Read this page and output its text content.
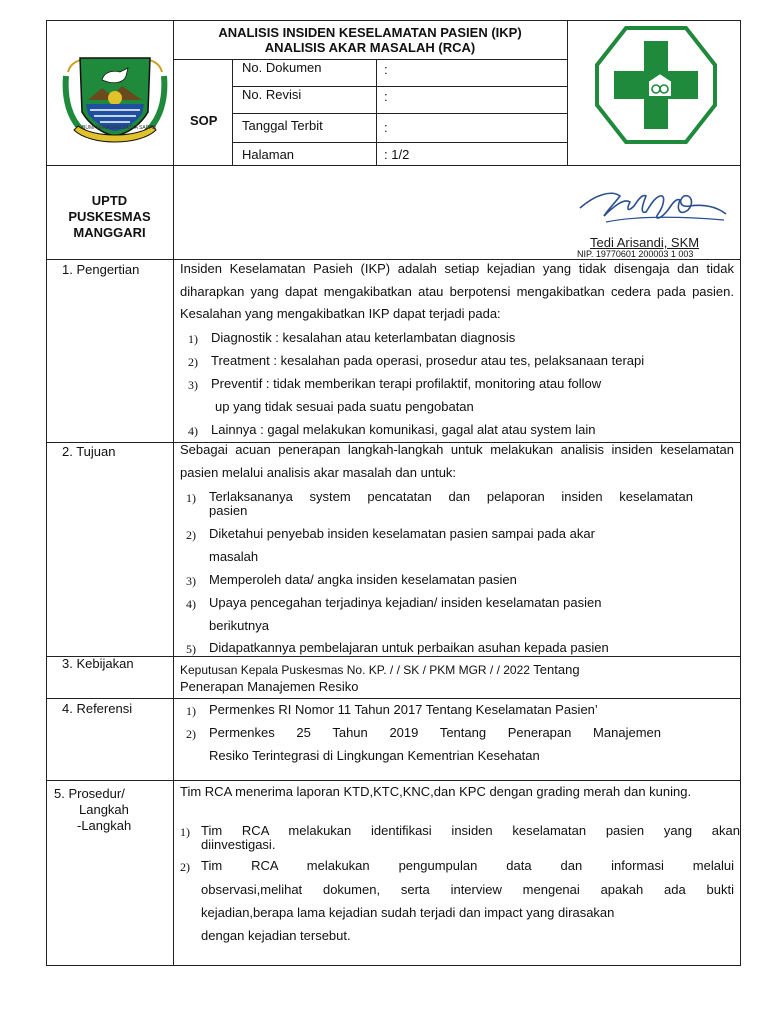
BUMI SERAGAM SATYA SADAR
ANALISIS INSIDEN KESELAMATAN PASIEN (IKP)
ANALISIS AKAR MASALAH (RCA)
SOP
No. Dokumen	:
No. Revisi	:
Tanggal Terbit	:
Halaman	: 1/2
UPTD
PUSKESMAS
MANGGARI
Tedi Arisandi, SKM
NIP. 19770601 200003 1 003
1. Pengertian	Insiden Keselamatan Pasieh (IKP) adalah setiap kejadian yang tidak disengaja dan tidak diharapkan yang dapat mengakibatkan atau berpotensi mengakibatkan cedera pada pasien. Kesalahan yang mengakibatkan IKP dapat terjadi pada:
1) Diagnostik : kesalahan atau keterlambatan diagnosis
2) Treatment : kesalahan pada operasi, prosedur atau tes, pelaksanaan terapi
3) Preventif : tidak memberikan terapi profilaktif, monitoring atau follow
up yang tidak sesuai pada suatu pengobatan
4) Lainnya : gagal melakukan komunikasi, gagal alat atau system lain
2. Tujuan	Sebagai acuan penerapan langkah-langkah untuk melakukan analisis insiden keselamatan pasien melalui analisis akar masalah dan untuk:
1) Terlaksananya system pencatatan dan pelaporan insiden keselamatan
pasien
2) Diketahui penyebab insiden keselamatan pasien sampai pada akar
masalah
3) Memperoleh data/ angka insiden keselamatan pasien
4) Upaya pencegahan terjadinya kejadian/ insiden keselamatan pasien
berikutnya
5) Didapatkannya pembelajaran untuk perbaikan asuhan kepada pasien
3. Kebijakan	Keputusan Kepala Puskesmas No. KP. / / SK / PKM MGR / / 2022 Tentang
Penerapan Manajemen Resiko
4. Referensi	1) Permenkes RI Nomor 11 Tahun 2017 Tentang Keselamatan Pasien’
2) Permenkes 25 Tahun 2019 Tentang Penerapan Manajemen
Resiko Terintegrasi di Lingkungan Kementrian Kesehatan
5. Prosedur/
Langkah
-Langkah
Tim RCA menerima laporan KTD,KTC,KNC,dan KPC dengan grading merah dan kuning.
1) Tim RCA melakukan identifikasi insiden keselamatan pasien yang akan
diinvestigasi.
2) Tim RCA melakukan pengumpulan data dan informasi melalui
observasi,melihat dokumen, serta interview mengenai apakah ada bukti
kejadian,berapa lama kejadian sudah terjadi dan impact yang dirasakan
dengan kejadian tersebut.
